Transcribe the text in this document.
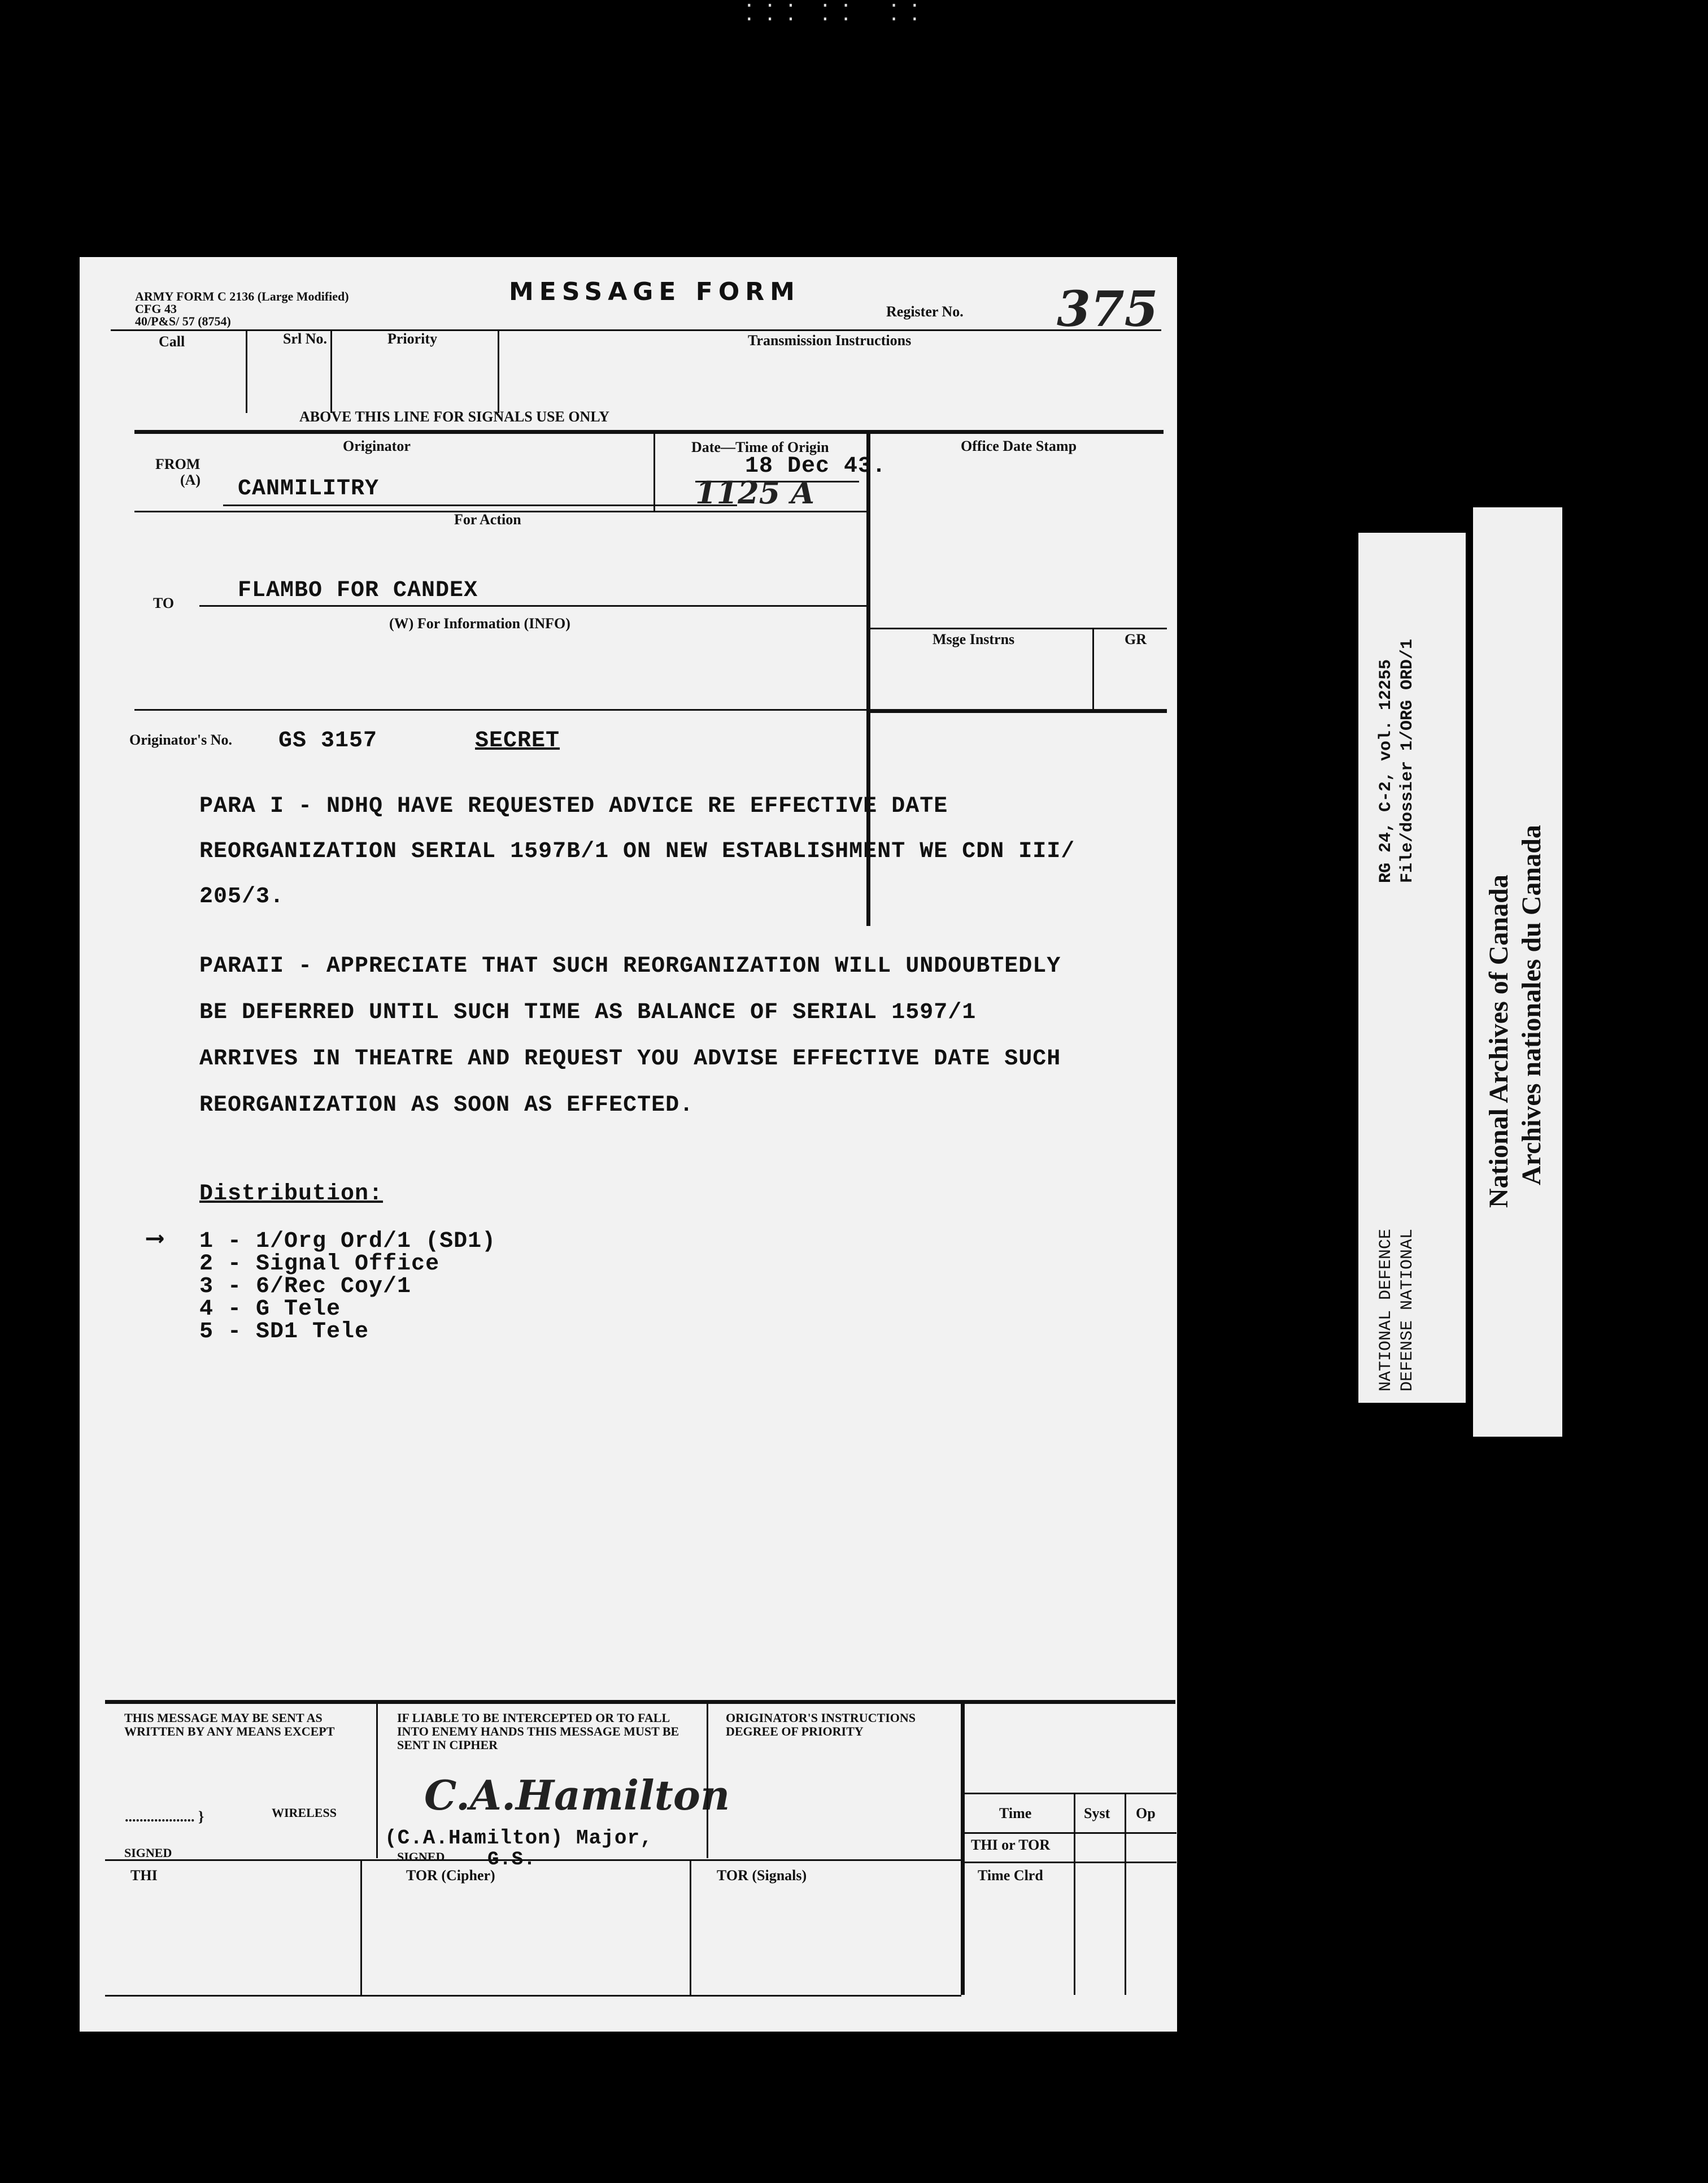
⁚ ⁚ ⁚  ⁚ ⁚   ⁚ ⁚
ARMY FORM C 2136 (Large Modified)
CFG 43
40/P&S/ 57 (8754)
MESSAGE FORM
Register No. 375
Call	Srl No.	Priority	Transmission Instructions
ABOVE THIS LINE FOR SIGNALS USE ONLY
Originator
FROM
(A) CANMILITRY
Date—Time of Origin
18 Dec 43.
1125 A
Office Date Stamp
For Action
TO	FLAMBO FOR CANDEX
(W) For Information (INFO)
Msge Instrns	GR
Originator's No. GS 3157	SECRET
PARA I - NDHQ HAVE REQUESTED ADVICE RE EFFECTIVE DATE
REORGANIZATION SERIAL 1597B/1 ON NEW ESTABLISHMENT WE CDN III/
205/3.
PARAII - APPRECIATE THAT SUCH REORGANIZATION WILL UNDOUBTEDLY
BE DEFERRED UNTIL SUCH TIME AS BALANCE OF SERIAL 1597/1
ARRIVES IN THEATRE AND REQUEST YOU ADVISE EFFECTIVE DATE SUCH
REORGANIZATION AS SOON AS EFFECTED.
Distribution:
⟶ 1 - 1/Org Ord/1 (SD1)
2 - Signal Office
3 - 6/Rec Coy/1
4 - G Tele
5 - SD1 Tele
THIS MESSAGE MAY BE SENT AS WRITTEN BY ANY MEANS EXCEPT
................... }	WIRELESS
SIGNED
IF LIABLE TO BE INTERCEPTED OR TO FALL INTO ENEMY HANDS THIS MESSAGE MUST BE SENT IN CIPHER
C.A.Hamilton
(C.A.Hamilton) Major,
G.S.
SIGNED
ORIGINATOR'S INSTRUCTIONS DEGREE OF PRIORITY
Time	Syst Op
THI or TOR
Time Clrd
THI	TOR (Cipher)	TOR (Signals)
RG 24, C-2, vol. 12255 File/dossier 1/ORG ORD/1
NATIONAL DEFENCE DEFENSE NATIONAL
National Archives of Canada Archives nationales du Canada
